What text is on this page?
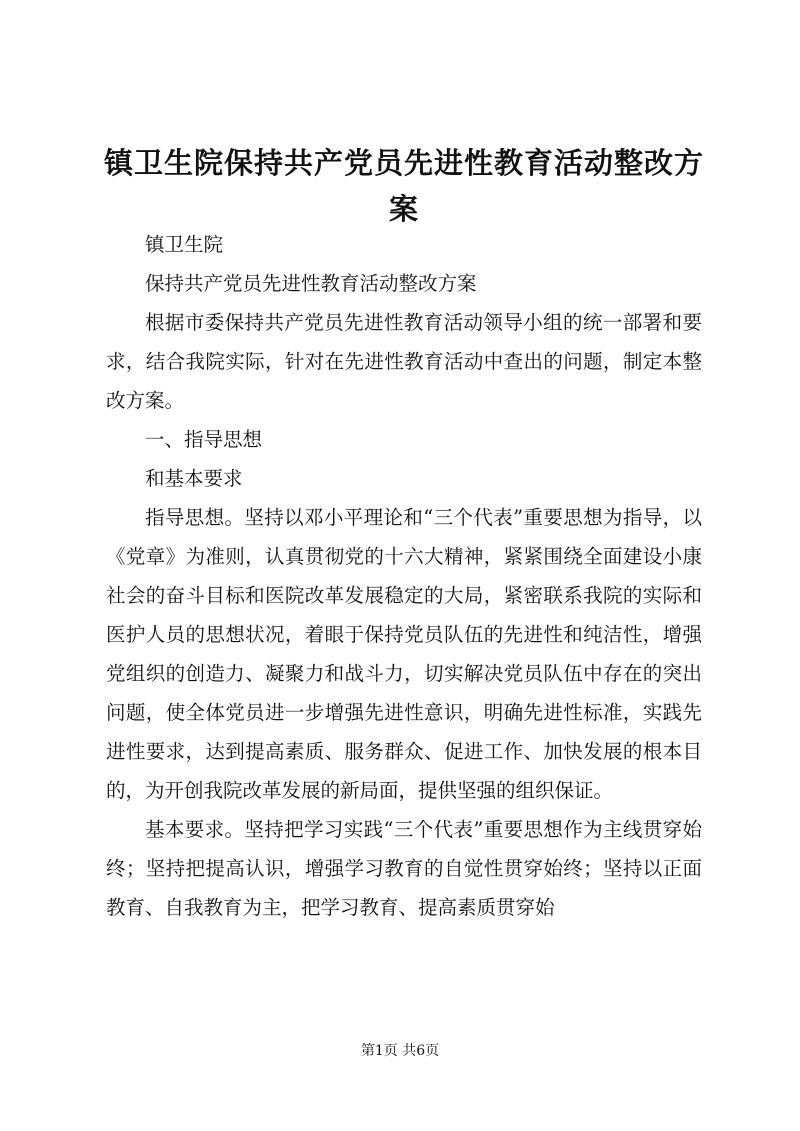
镇卫生院保持共产党员先进性教育活动整改方案

镇卫生院

保持共产党员先进性教育活动整改方案

根据市委保持共产党员先进性教育活动领导小组的统一部署和要求，结合我院实际，针对在先进性教育活动中查出的问题，制定本整改方案。

一、指导思想

和基本要求

指导思想。坚持以邓小平理论和“三个代表”重要思想为指导，以《党章》为准则，认真贯彻党的十六大精神，紧紧围绕全面建设小康社会的奋斗目标和医院改革发展稳定的大局，紧密联系我院的实际和医护人员的思想状况，着眼于保持党员队伍的先进性和纯洁性，增强党组织的创造力、凝聚力和战斗力，切实解决党员队伍中存在的突出问题，使全体党员进一步增强先进性意识，明确先进性标准，实践先进性要求，达到提高素质、服务群众、促进工作、加快发展的根本目的，为开创我院改革发展的新局面，提供坚强的组织保证。

基本要求。坚持把学习实践“三个代表”重要思想作为主线贯穿始终；坚持把提高认识，增强学习教育的自觉性贯穿始终；坚持以正面教育、自我教育为主，把学习教育、提高素质贯穿始

第1页 共6页
